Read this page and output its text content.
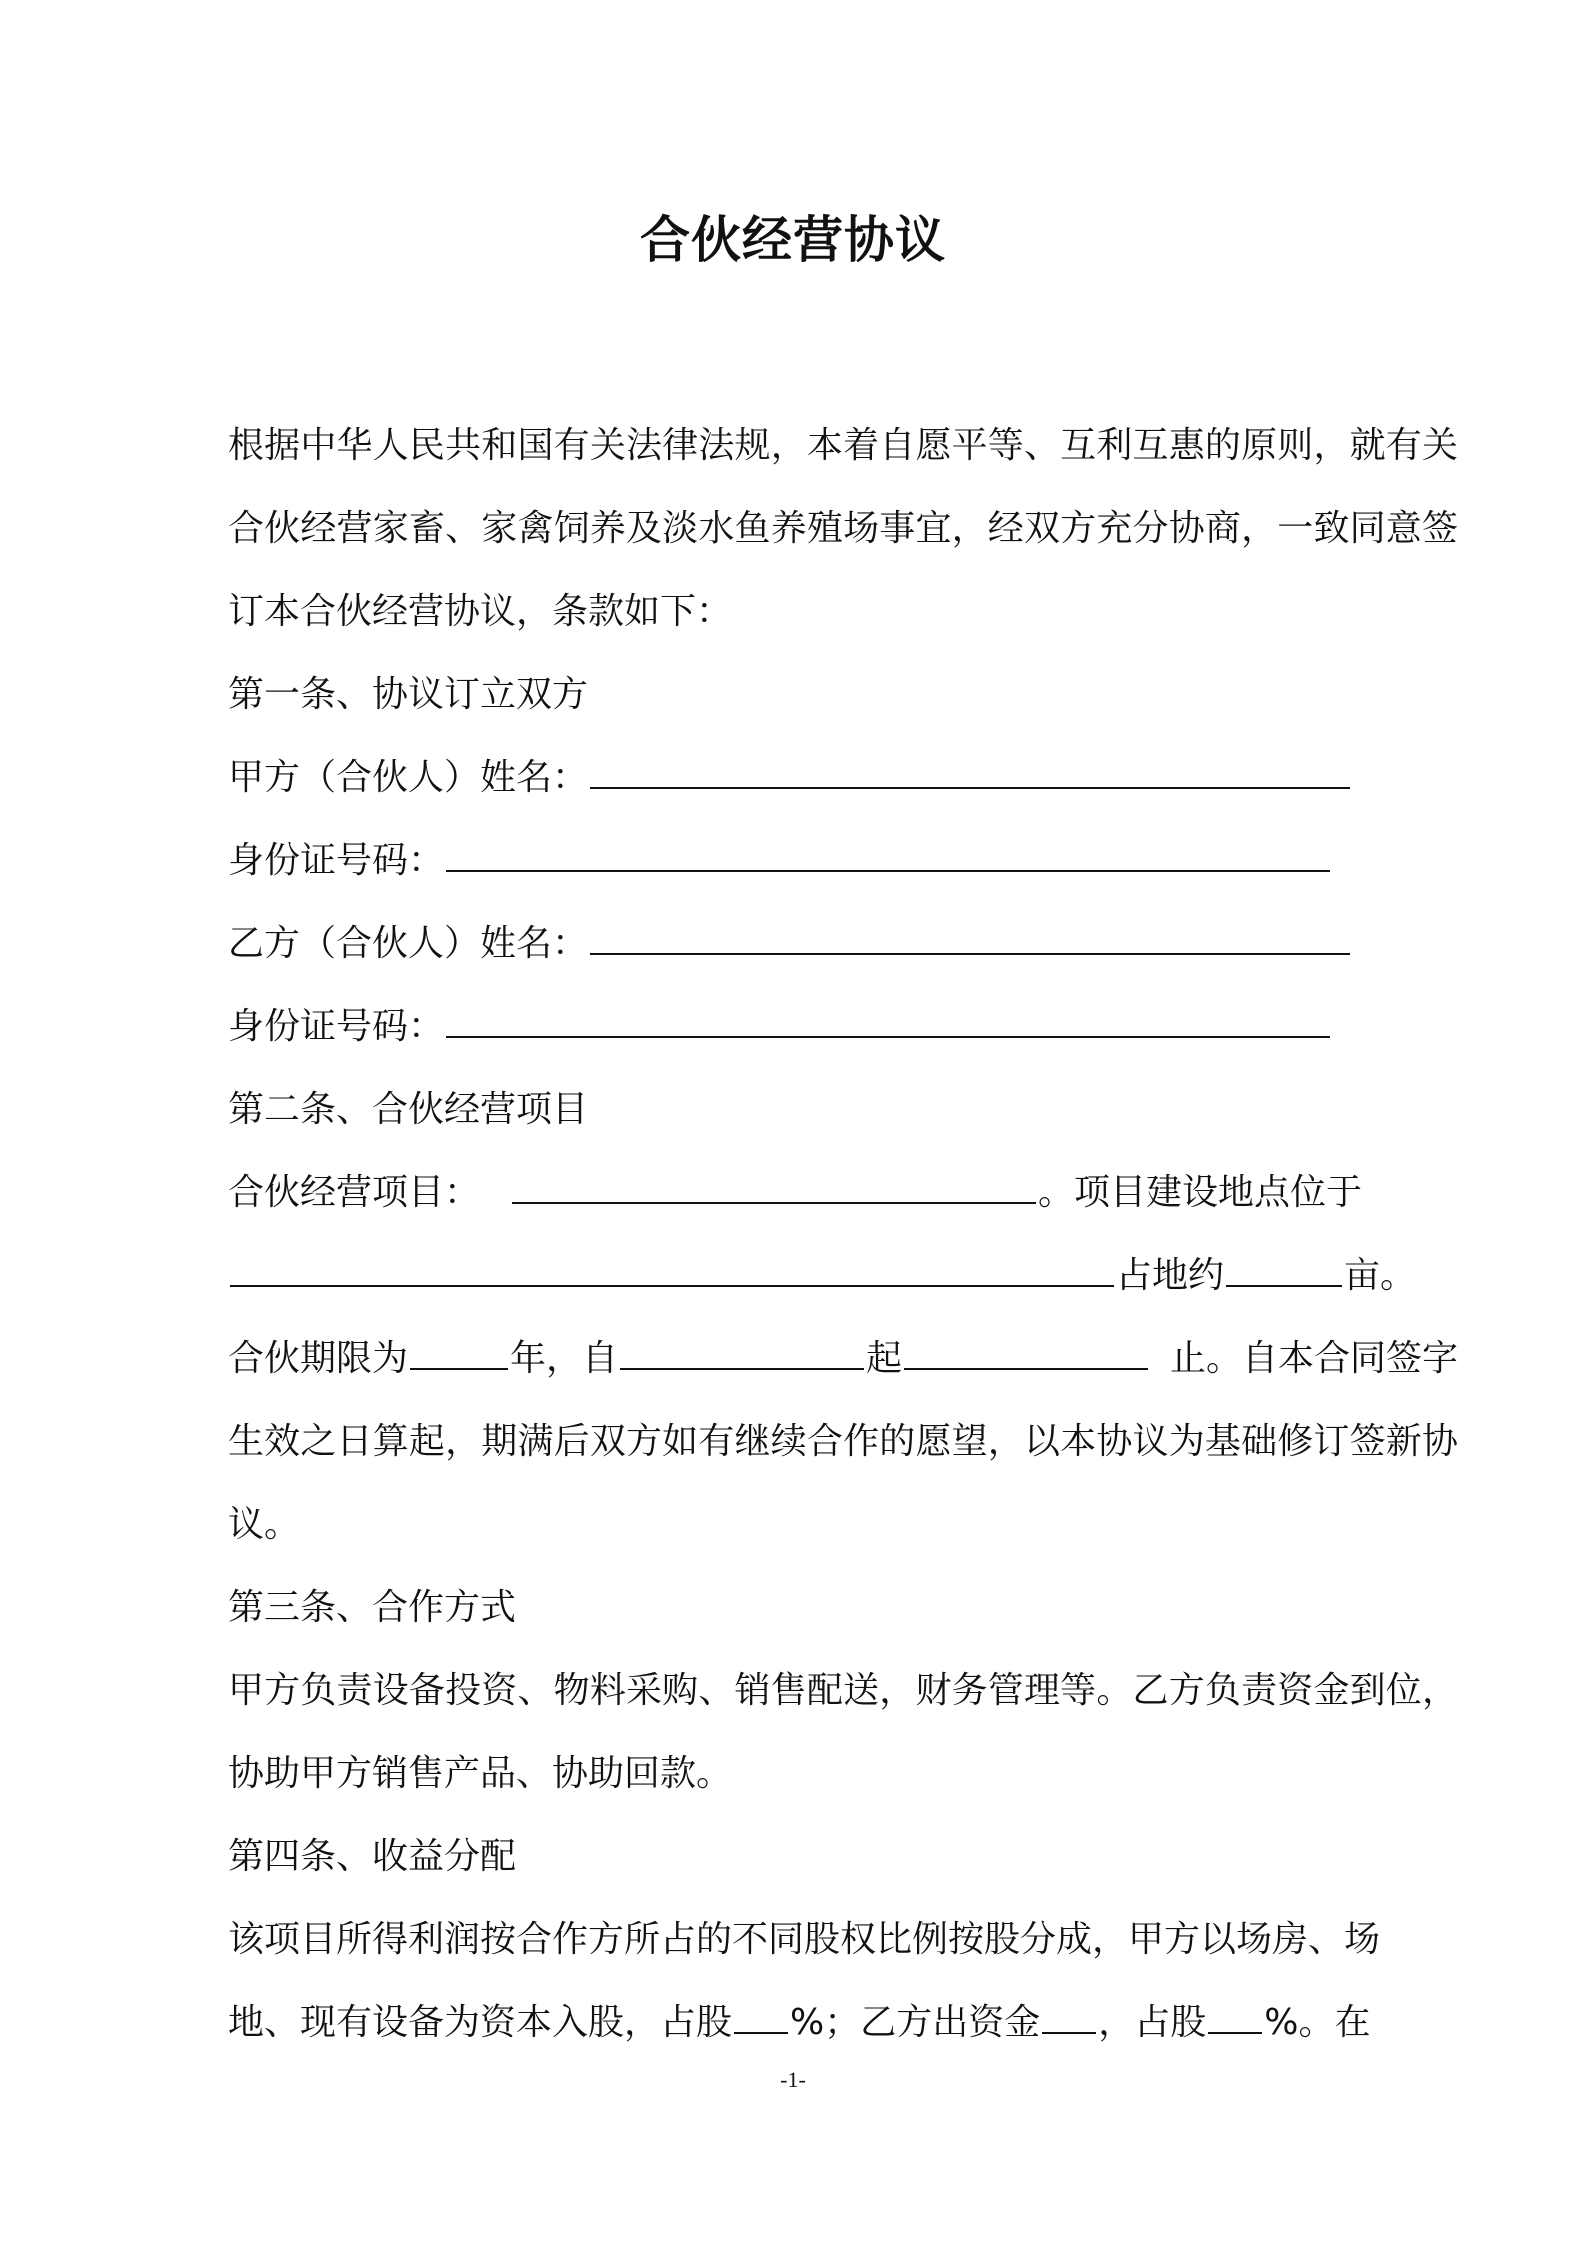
合伙经营协议

根据中华人民共和国有关法律法规，本着自愿平等、互利互惠的原则，就有关合伙经营家畜、家禽饲养及淡水鱼养殖场事宜，经双方充分协商，一致同意签订本合伙经营协议，条款如下：

第一条、协议订立双方
甲方（合伙人）姓名：
身份证号码：
乙方（合伙人）姓名：
身份证号码：
第二条、合伙经营项目
合伙经营项目：	。项目建设地点位于
占地约	亩。
合伙期限为	年，自	起	止。自本合同签字生效之日算起，期满后双方如有继续合作的愿望，以本协议为基础修订签新协议。

第三条、合作方式

甲方负责设备投资、物料采购、销售配送，财务管理等。乙方负责资金到位，协助甲方销售产品、协助回款。

第四条、收益分配

该项目所得利润按合作方所占的不同股权比例按股分成，甲方以场房、场

地、现有设备为资本入股，占股 %；乙方出资金 ，占股 %。在
-1-
